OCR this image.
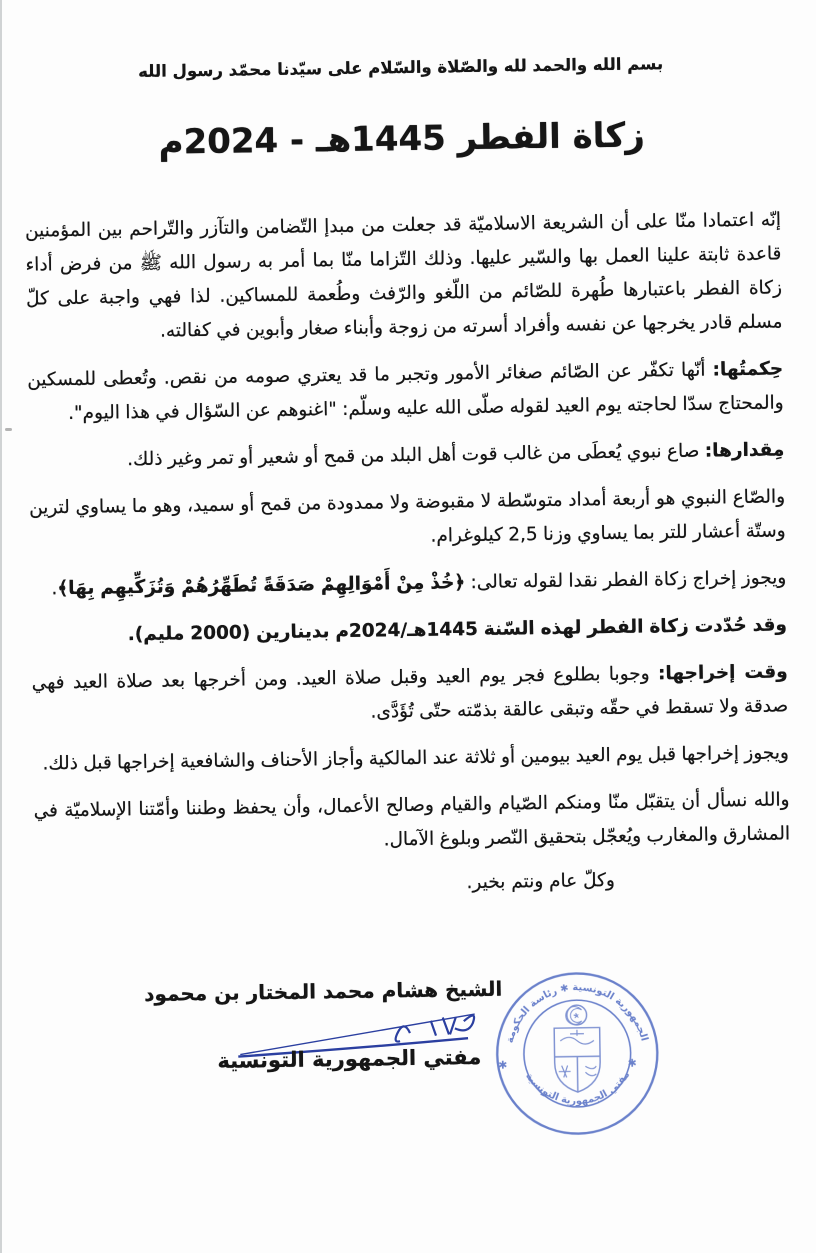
بسم الله والحمد لله والصّلاة والسّلام على سيّدنا محمّد رسول الله
زكاة الفطر 1445هـ - 2024م

إنّه اعتمادا منّا على أن الشريعة الاسلاميّة قد جعلت من مبدإ التّضامن والتآزر والتّراحم بين المؤمنين قاعدة ثابتة علينا العمل بها والسّير عليها. وذلك التّزاما منّا بما أمر به رسول الله ﷺ من فرض أداء زكاة الفطر باعتبارها طُهرة للصّائم من اللّغو والرّفث وطُعمة للمساكين. لذا فهي واجبة على كلّ مسلم قادر يخرجها عن نفسه وأفراد أسرته من زوجة وأبناء صغار وأبوين في كفالته.

حِكمتُها: أنّها تكفّر عن الصّائم صغائر الأمور وتجبر ما قد يعتري صومه من نقص. وتُعطى للمسكين والمحتاج سدّا لحاجته يوم العيد لقوله صلّى الله عليه وسلّم: "اغنوهم عن السّؤال في هذا اليوم".

مِقدارها: صاع نبوي يُعطَى من غالب قوت أهل البلد من قمح أو شعير أو تمر وغير ذلك.

والصّاع النبوي هو أربعة أمداد متوسّطة لا مقبوضة ولا ممدودة من قمح أو سميد، وهو ما يساوي لترين وستّة أعشار للتر بما يساوي وزنا 2,5 كيلوغرام.

ويجوز إخراج زكاة الفطر نقدا لقوله تعالى: ﴿خُذْ مِنْ أَمْوَالِهِمْ صَدَقَةً تُطَهِّرُهُمْ وَتُزَكِّيهِم بِهَا﴾.

وقد حُدّدت زكاة الفطر لهذه السّنة 1445هـ/2024م بدينارين (2000 مليم).

وقت إخراجها: وجوبا بطلوع فجر يوم العيد وقبل صلاة العيد. ومن أخرجها بعد صلاة العيد فهي صدقة ولا تسقط في حقّه وتبقى عالقة بذمّته حتّى تُؤَدَّى.

ويجوز إخراجها قبل يوم العيد بيومين أو ثلاثة عند المالكية وأجاز الأحناف والشافعية إخراجها قبل ذلك.

والله نسأل أن يتقبّل منّا ومنكم الصّيام والقيام وصالح الأعمال، وأن يحفظ وطننا وأمّتنا الإسلاميّة في المشارق والمغارب ويُعجّل بتحقيق النّصر وبلوغ الآمال.

وكلّ عام ونتم بخير.
الشيخ هشام محمد المختار بن محمود
مفتي الجمهورية التونسية
الجمهورية التونسية ✱ رئاسة الحكومة
مفتي الجمهورية التونسية
✱	✱
